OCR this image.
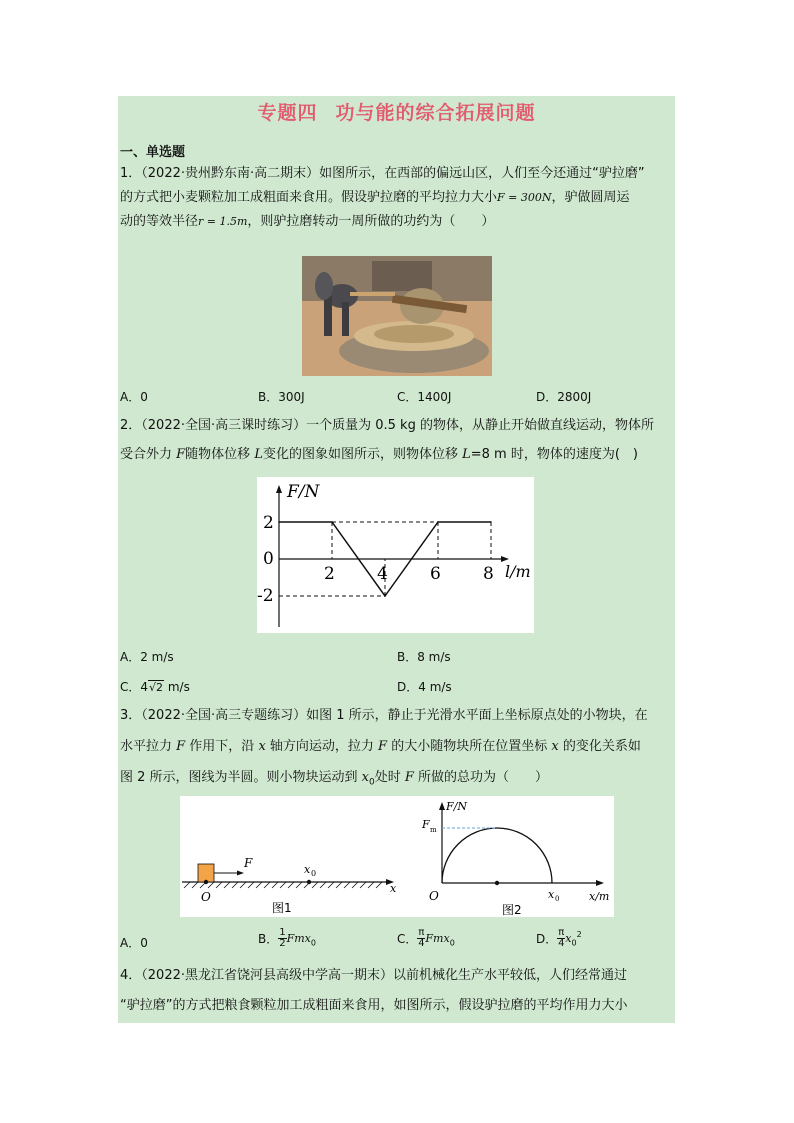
专题四 功与能的综合拓展问题
一、单选题
1．（2022·贵州黔东南·高二期末）如图所示，在西部的偏远山区，人们至今还通过“驴拉磨”
的方式把小麦颗粒加工成粗面来食用。假设驴拉磨的平均拉力大小F = 300N，驴做圆周运
动的等效半径r = 1.5m，则驴拉磨转动一周所做的功约为（　　）
A．0	B．300J	C．1400J	D．2800J
2．（2022·全国·高三课时练习）一个质量为 0.5 kg 的物体，从静止开始做直线运动，物体所
受合外力 F随物体位移 L变化的图象如图所示，则物体位移 L=8 m 时，物体的速度为(　)
F/N
l/m
2
0
-2
2 4 6 8
A．2 m/s	B．8 m/s
C．4√2 m/s	D．4 m/s
3．（2022·全国·高三专题练习）如图 1 所示，静止于光滑水平面上坐标原点处的小物块，在
水平拉力 F 作用下，沿 x 轴方向运动，拉力 F 的大小随物块所在位置坐标 x 的变化关系如
图 2 所示，图线为半圆。则小物块运动到 $x_0$处时 F 所做的总功为（　　）
F	x 0
O
x
图1
F/N
F m
O	x 0	x/m
图2
A．0	B． $\frac{1}{2} Fmx_0$	C． $\frac{\pi}{4} Fmx_0$	D． $\frac{\pi}{4} x_0^2$
4．（2022·黑龙江省饶河县高级中学高一期末）以前机械化生产水平较低，人们经常通过
“驴拉磨”的方式把粮食颗粒加工成粗面来食用，如图所示，假设驴拉磨的平均作用力大小
